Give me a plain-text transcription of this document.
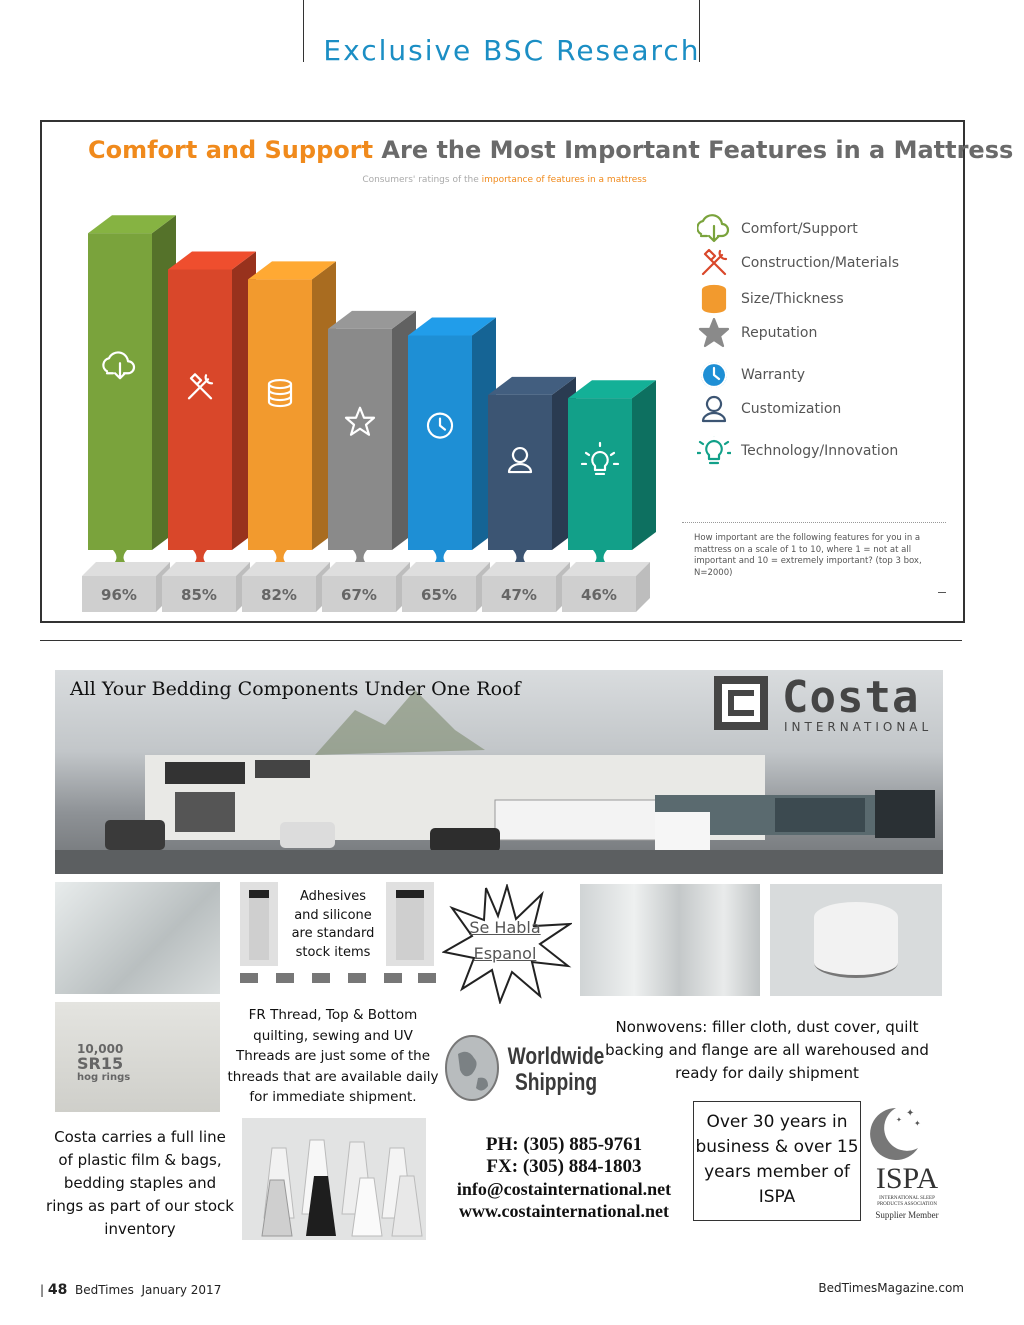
Exclusive BSC Research
Comfort and Support Are the Most Important Features in a Mattress
Consumers' ratings of the importance of features in a mattress
96%	85%	82%	67%	65%	47%	46%
Comfort/Support
Construction/Materials
Size/Thickness
Reputation
Warranty
Customization
Technology/Innovation
How important are the following features for you in a mattress on a scale of 1 to 10, where 1 = not at all important and 10 = extremely important? (top 3 box, N=2000)
All Your Bedding Components Under One Roof	Costa
INTERNATIONAL
Adhesives and silicone are standard stock items
Se Habla
Espanol
10,000
SR15
hog rings
FR Thread, Top & Bottom quilting, sewing and UV Threads are just some of the threads that are available daily for immediate shipment.
Worldwide
Shipping
Nonwovens: filler cloth, dust cover, quilt backing and flange are all warehoused and ready for daily shipment
Costa carries a full line of plastic film & bags, bedding staples and rings as part of our stock inventory
PH: (305) 885-9761
FX: (305) 884-1803
info@costainternational.net
www.costainternational.net
Over 30 years in business & over 15 years member of ISPA
✦
✦
✦
ISPA
INTERNATIONAL SLEEP PRODUCTS ASSOCIATION
Supplier Member
| 48 BedTimes January 2017	BedTimesMagazine.com
